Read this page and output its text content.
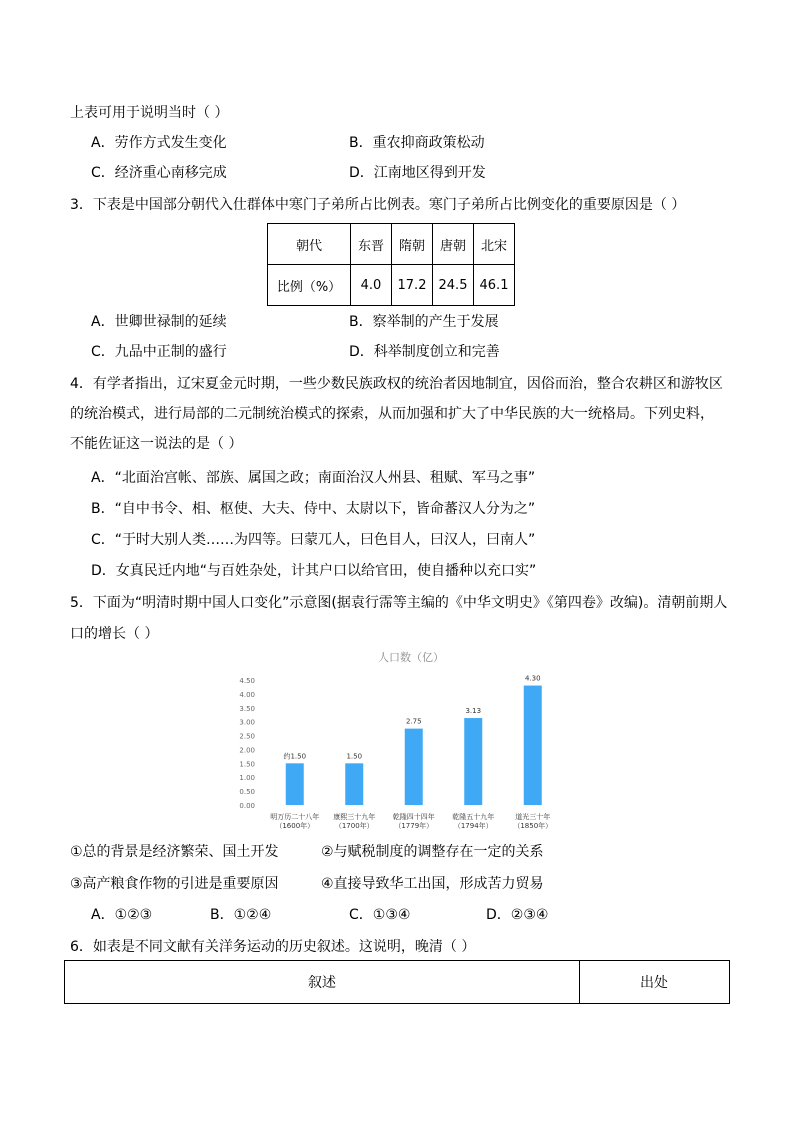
上表可用于说明当时（ ）
A．劳作方式发生变化	B．重农抑商政策松动
C．经济重心南移完成	D．江南地区得到开发
3．下表是中国部分朝代入仕群体中寒门子弟所占比例表。寒门子弟所占比例变化的重要原因是（ ）
朝代	东晋	隋朝	唐朝	北宋
比例（%）	4.0	17.2	24.5	46.1
A．世卿世禄制的延续	B．察举制的产生于发展
C．九品中正制的盛行	D．科举制度创立和完善
4．有学者指出，辽宋夏金元时期，一些少数民族政权的统治者因地制宜，因俗而治，整合农耕区和游牧区
的统治模式，进行局部的二元制统治模式的探索，从而加强和扩大了中华民族的大一统格局。下列史料，
不能佐证这一说法的是（ ）
A．“北面治宫帐、部族、属国之政；南面治汉人州县、租赋、军马之事”
B．“自中书令、相、枢使、大夫、侍中、太尉以下，皆命蕃汉人分为之”
C．“于时大别人类……为四等。曰蒙兀人，曰色目人，曰汉人，曰南人”
D．女真民迁内地“与百姓杂处，计其户口以给官田，使自播种以充口实”
5．下面为“明清时期中国人口变化”示意图(据袁行霈等主编的《中华文明史》《第四卷》改编)。清朝前期人
口的增长（ ）
人口数（亿）
0.00
0.50
1.00
1.50
2.00
2.50
3.00
3.50
4.00
4.50
约1.50	1.50
2.75
3.13
4.30
明万历二十八年
（1600年）
康熙三十九年
（1700年）
乾隆四十四年
（1779年）
乾隆五十九年
（1794年）
道光三十年
（1850年）
①总的背景是经济繁荣、国土开发	②与赋税制度的调整存在一定的关系
③高产粮食作物的引进是重要原因	④直接导致华工出国，形成苦力贸易
A．①②③	B．①②④	C．①③④	D．②③④
6．如表是不同文献有关洋务运动的历史叙述。这说明，晚清（ ）
叙述	出处
